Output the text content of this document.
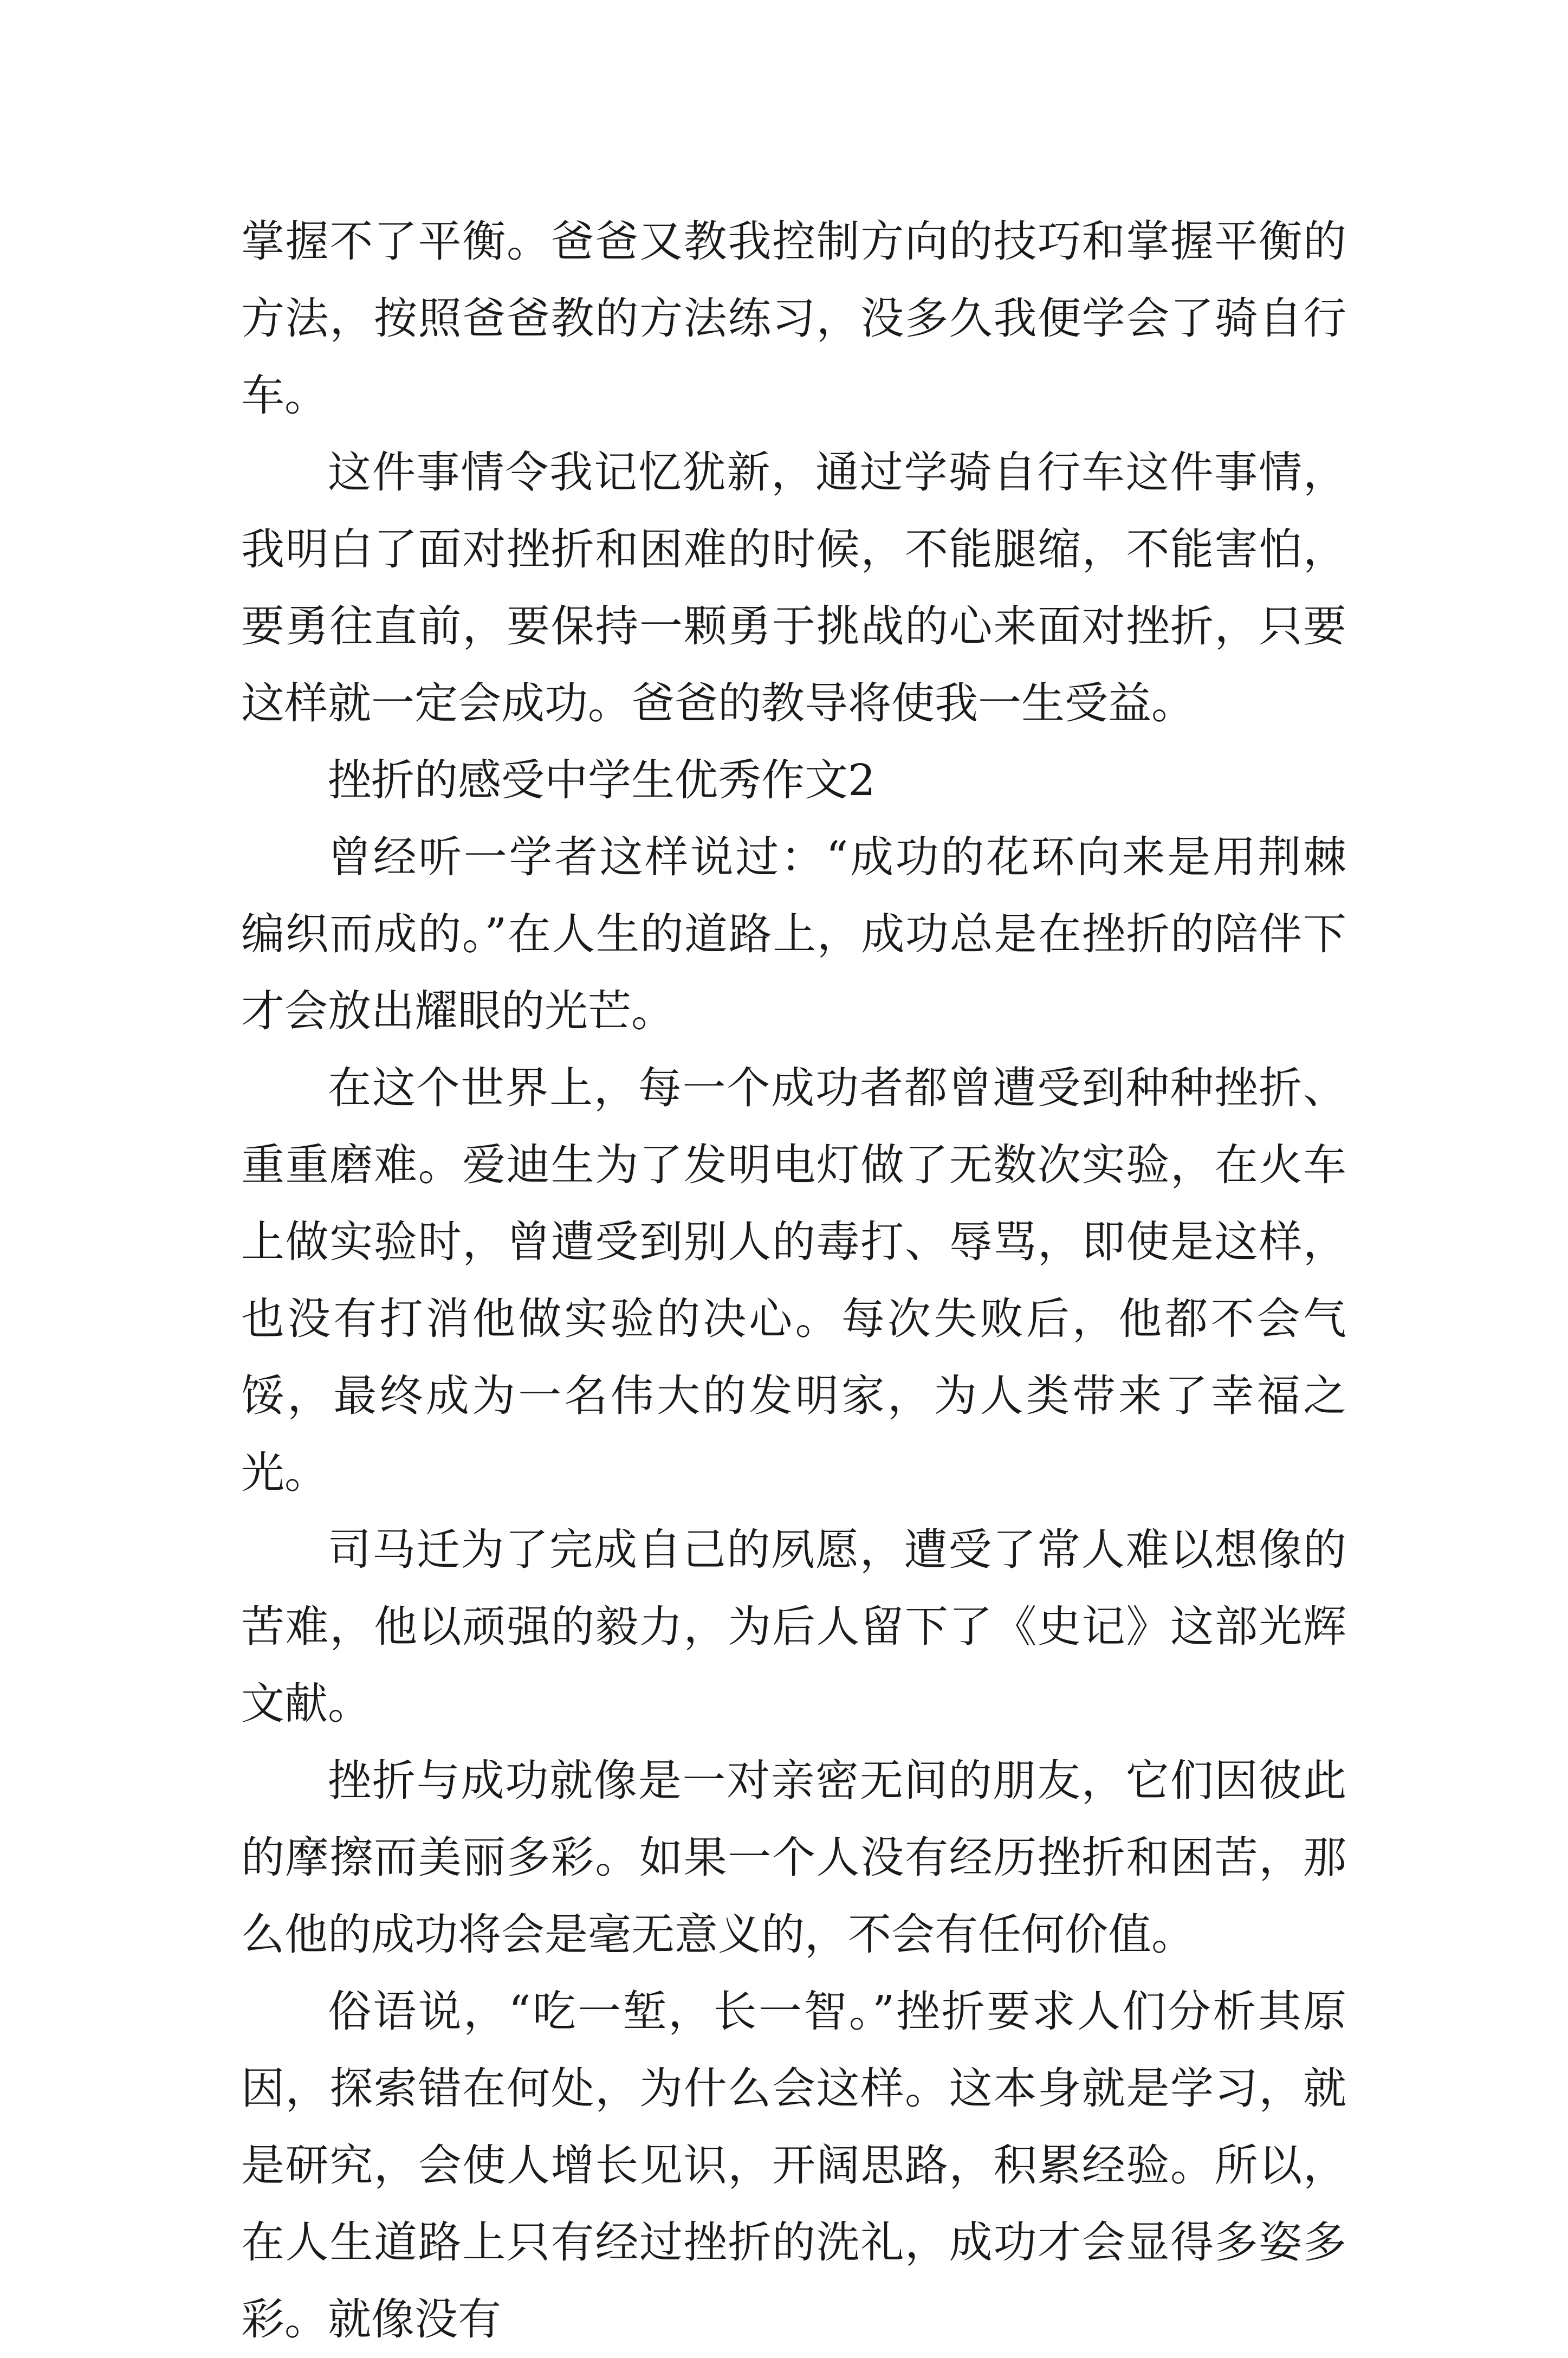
掌握不了平衡。爸爸又教我控制方向的技巧和掌握平衡的方法，按照爸爸教的方法练习，没多久我便学会了骑自行车。

这件事情令我记忆犹新，通过学骑自行车这件事情，我明白了面对挫折和困难的时候，不能腿缩，不能害怕，要勇往直前，要保持一颗勇于挑战的心来面对挫折，只要这样就一定会成功。爸爸的教导将使我一生受益。

挫折的感受中学生优秀作文2

曾经听一学者这样说过：“成功的花环向来是用荆棘编织而成的。”在人生的道路上，成功总是在挫折的陪伴下才会放出耀眼的光芒。

在这个世界上，每一个成功者都曾遭受到种种挫折、重重磨难。爱迪生为了发明电灯做了无数次实验，在火车上做实验时，曾遭受到别人的毒打、辱骂，即使是这样，也没有打消他做实验的决心。每次失败后，他都不会气馁，最终成为一名伟大的发明家，为人类带来了幸福之光。

司马迁为了完成自己的夙愿，遭受了常人难以想像的苦难，他以顽强的毅力，为后人留下了《史记》这部光辉文献。

挫折与成功就像是一对亲密无间的朋友，它们因彼此的摩擦而美丽多彩。如果一个人没有经历挫折和困苦，那么他的成功将会是毫无意义的，不会有任何价值。

俗语说，“吃一堑，长一智。”挫折要求人们分析其原因，探索错在何处，为什么会这样。这本身就是学习，就是研究，会使人增长见识，开阔思路，积累经验。所以，在人生道路上只有经过挫折的洗礼，成功才会显得多姿多彩。就像没有
